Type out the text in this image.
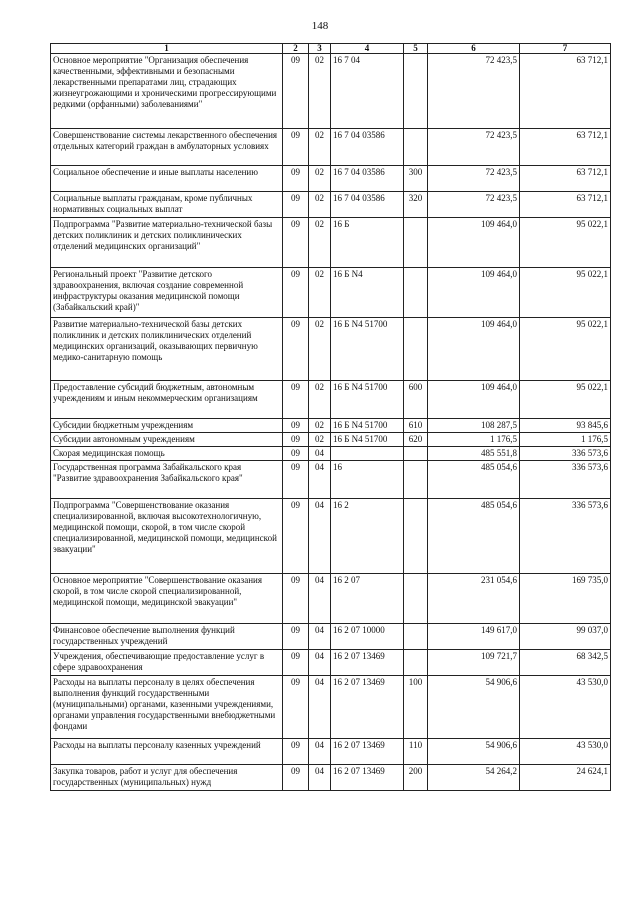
148
1	2	3	4	5	6	7
Основное мероприятие "Организация обеспечения качественными, эффективными и безопасными лекарственными препаратами лиц, страдающих жизнеугрожающими и хроническими прогрессирующими редкими (орфанными) заболеваниями"	09	02	16 7 04		72 423,5	63 712,1
Совершенствование системы лекарственного обеспечения отдельных категорий граждан в амбулаторных условиях	09	02	16 7 04 03586		72 423,5	63 712,1
Социальное обеспечение и иные выплаты населению	09	02	16 7 04 03586	300	72 423,5	63 712,1
Социальные выплаты гражданам, кроме публичных нормативных социальных выплат	09	02	16 7 04 03586	320	72 423,5	63 712,1
Подпрограмма "Развитие материально-технической базы детских поликлиник и детских поликлинических отделений медицинских организаций"	09	02	16 Б		109 464,0	95 022,1
Региональный проект "Развитие детского здравоохранения, включая создание современной инфраструктуры оказания медицинской помощи (Забайкальский край)"	09	02	16 Б N4		109 464,0	95 022,1
Развитие материально-технической базы детских поликлиник и детских поликлинических отделений медицинских организаций, оказывающих первичную медико-санитарную помощь	09	02	16 Б N4 51700		109 464,0	95 022,1
Предоставление субсидий бюджетным, автономным учреждениям и иным некоммерческим организациям	09	02	16 Б N4 51700	600	109 464,0	95 022,1
Субсидии бюджетным учреждениям	09	02	16 Б N4 51700	610	108 287,5	93 845,6
Субсидии автономным учреждениям	09	02	16 Б N4 51700	620	1 176,5	1 176,5
Скорая медицинская помощь	09	04			485 551,8	336 573,6
Государственная программа Забайкальского края "Развитие здравоохранения Забайкальского края"	09	04	16		485 054,6	336 573,6
Подпрограмма "Совершенствование оказания специализированной, включая высокотехнологичную, медицинской помощи, скорой, в том числе скорой специализированной, медицинской помощи, медицинской эвакуации"	09	04	16 2		485 054,6	336 573,6
Основное мероприятие "Совершенствование оказания скорой, в том числе скорой специализированной, медицинской помощи, медицинской эвакуации"	09	04	16 2 07		231 054,6	169 735,0
Финансовое обеспечение выполнения функций государственных учреждений	09	04	16 2 07 10000		149 617,0	99 037,0
Учреждения, обеспечивающие предоставление услуг в сфере здравоохранения	09	04	16 2 07 13469		109 721,7	68 342,5
Расходы на выплаты персоналу в целях обеспечения выполнения функций государственными (муниципальными) органами, казенными учреждениями, органами управления государственными внебюджетными фондами	09	04	16 2 07 13469	100	54 906,6	43 530,0
Расходы на выплаты персоналу казенных учреждений	09	04	16 2 07 13469	110	54 906,6	43 530,0
Закупка товаров, работ и услуг для обеспечения государственных (муниципальных) нужд	09	04	16 2 07 13469	200	54 264,2	24 624,1
